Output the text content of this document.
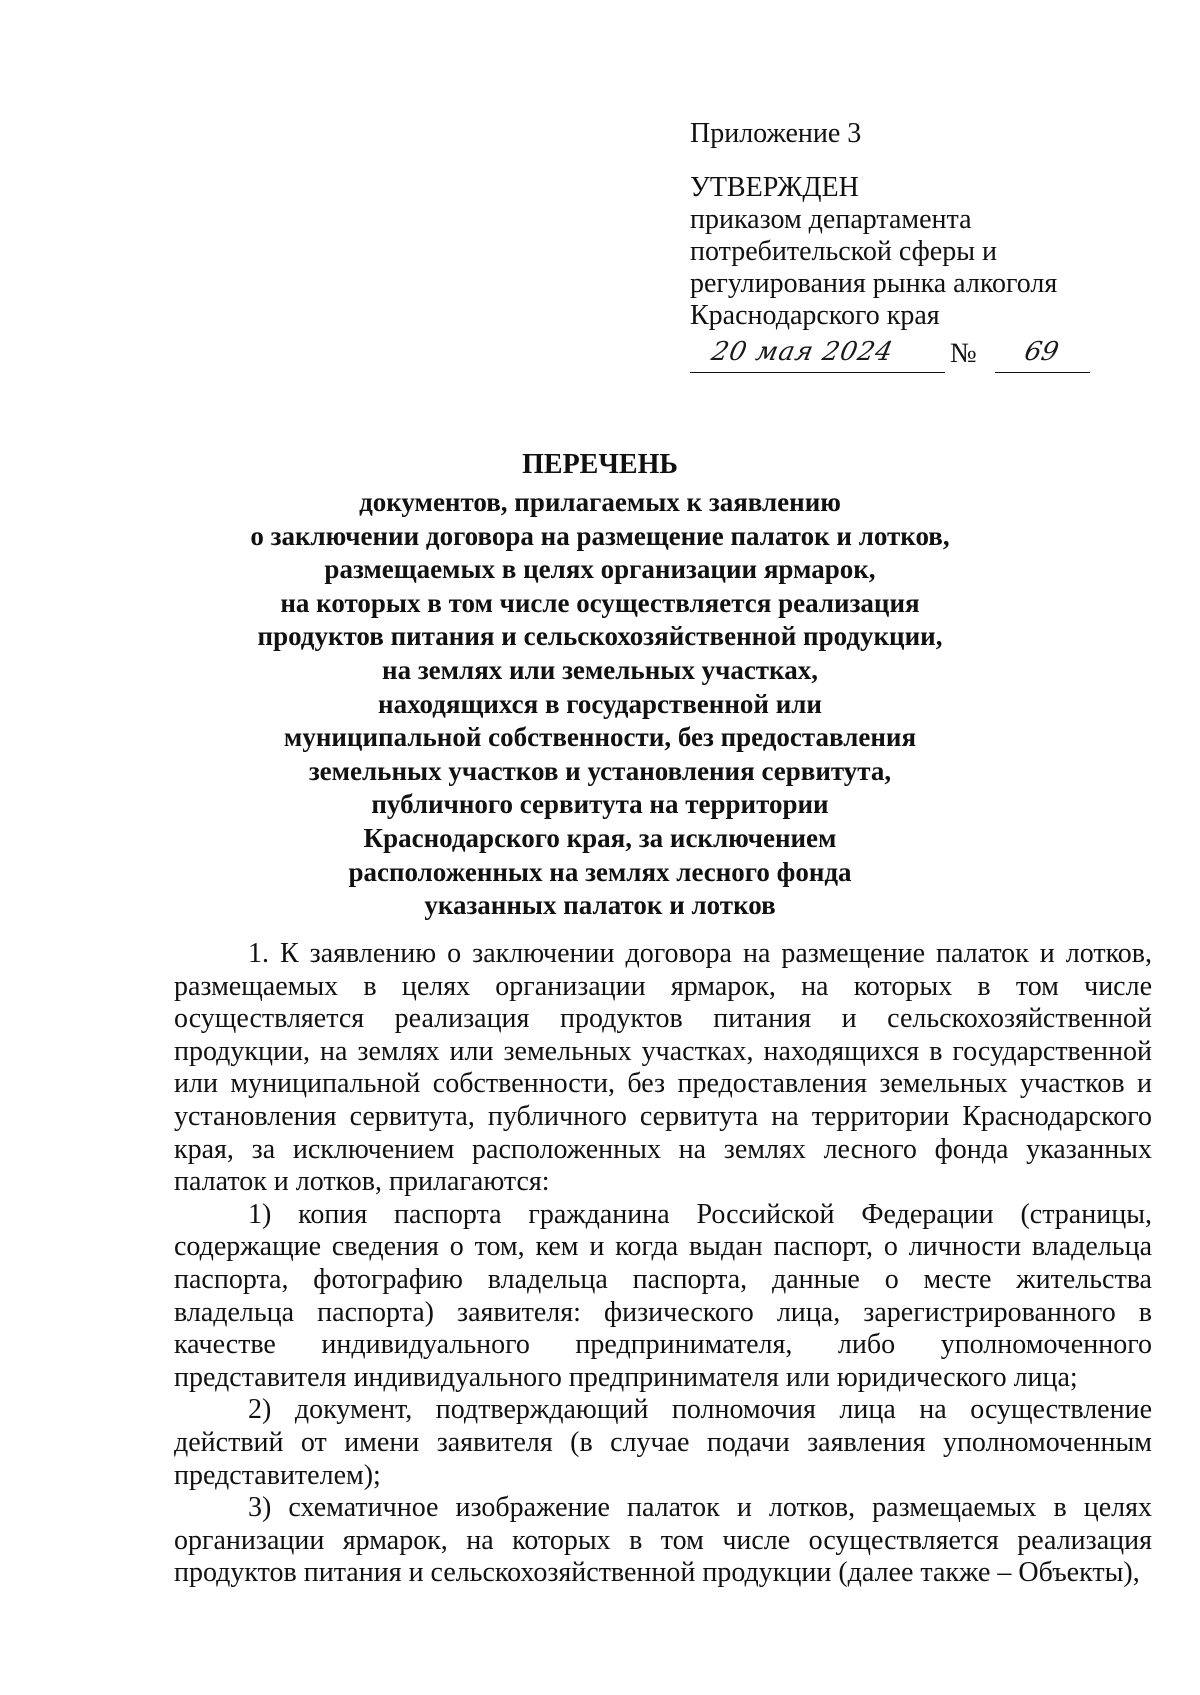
Приложение 3

УТВЕРЖДЕН

приказом департамента

потребительской сферы и

регулирования рынка алкоголя

Краснодарского края

20 мая 2024 № 69

ПЕРЕЧЕНЬ

документов, прилагаемых к заявлению

о заключении договора на размещение палаток и лотков,

размещаемых в целях организации ярмарок,

на которых в том числе осуществляется реализация

продуктов питания и сельскохозяйственной продукции,

на землях или земельных участках,

находящихся в государственной или

муниципальной собственности, без предоставления

земельных участков и установления сервитута,

публичного сервитута на территории

Краснодарского края, за исключением

расположенных на землях лесного фонда

указанных палаток и лотков

1. К заявлению о заключении договора на размещение палаток и лотков, размещаемых в целях организации ярмарок, на которых в том числе осуществляется реализация продуктов питания и сельскохозяйственной продукции, на землях или земельных участках, находящихся в государственной или муниципальной собственности, без предоставления земельных участков и установления сервитута, публичного сервитута на территории Краснодарского края, за исключением расположенных на землях лесного фонда указанных палаток и лотков, прилагаются:

1) копия паспорта гражданина Российской Федерации (страницы, содержащие сведения о том, кем и когда выдан паспорт, о личности владельца паспорта, фотографию владельца паспорта, данные о месте жительства владельца паспорта) заявителя: физического лица, зарегистрированного в качестве индивидуального предпринимателя, либо уполномоченного представителя индивидуального предпринимателя или юридического лица;

2) документ, подтверждающий полномочия лица на осуществление действий от имени заявителя (в случае подачи заявления уполномоченным представителем);

3) схематичное изображение палаток и лотков, размещаемых в целях организации ярмарок, на которых в том числе осуществляется реализация продуктов питания и сельскохозяйственной продукции (далее также – Объекты),
